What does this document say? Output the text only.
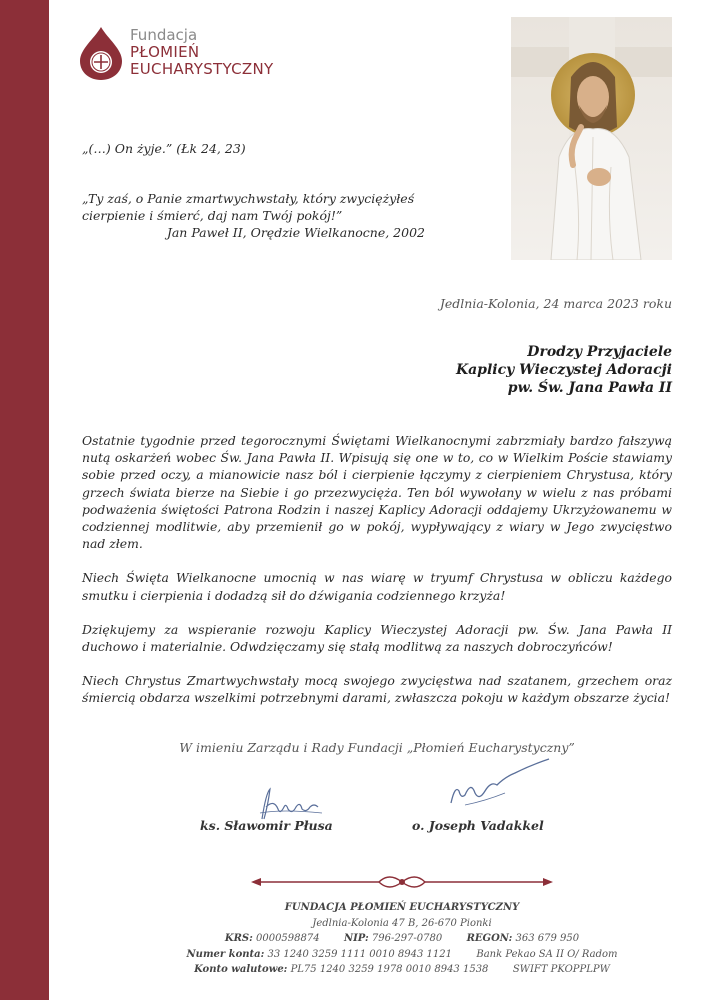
Fundacja
PŁOMIEŃ
EUCHARYSTYCZNY
„(…) On żyje.” (Łk 24, 23)
„Ty zaś, o Panie zmartwychwstały, który zwyciężyłeś
cierpienie i śmierć, daj nam Twój pokój!”
Jan Paweł II, Orędzie Wielkanocne, 2002
Jedlnia-Kolonia, 24 marca 2023 roku
Drodzy Przyjaciele
Kaplicy Wieczystej Adoracji
pw. Św. Jana Pawła II

Ostatnie tygodnie przed tegorocznymi Świętami Wielkanocnymi zabrzmiały bardzo fałszywą nutą oskarżeń wobec Św. Jana Pawła II. Wpisują się one w to, co w Wielkim Poście stawiamy sobie przed oczy, a mianowicie nasz ból i cierpienie łączymy z cierpieniem Chrystusa, który grzech świata bierze na Siebie i go przezwycięża. Ten ból wywołany w wielu z nas próbami podważenia świętości Patrona Rodzin i naszej Kaplicy Adoracji oddajemy Ukrzyżowanemu w codziennej modlitwie, aby przemienił go w pokój, wypływający z wiary w Jego zwycięstwo nad złem.

Niech Święta Wielkanocne umocnią w nas wiarę w tryumf Chrystusa w obliczu każdego smutku i cierpienia i dodadzą sił do dźwigania codziennego krzyża!

Dziękujemy za wspieranie rozwoju Kaplicy Wieczystej Adoracji pw. Św. Jana Pawła II duchowo i materialnie. Odwdzięczamy się stałą modlitwą za naszych dobroczyńców!

Niech Chrystus Zmartwychwstały mocą swojego zwycięstwa nad szatanem, grzechem oraz śmiercią obdarza wszelkimi potrzebnymi darami, zwłaszcza pokoju w każdym obszarze życia!

W imieniu Zarządu i Rady Fundacji „Płomień Eucharystyczny”
ks. Sławomir Płusa	o. Joseph Vadakkel
FUNDACJA PŁOMIEŃ EUCHARYSTYCZNY
Jedlnia-Kolonia 47 B, 26-670 Pionki
KRS: 0000598874 NIP: 796-297-0780 REGON: 363 679 950
Numer konta: 33 1240 3259 1111 0010 8943 1121 Bank Pekao SA II O/ Radom
Konto walutowe: PL75 1240 3259 1978 0010 8943 1538 SWIFT PKOPPLPW
